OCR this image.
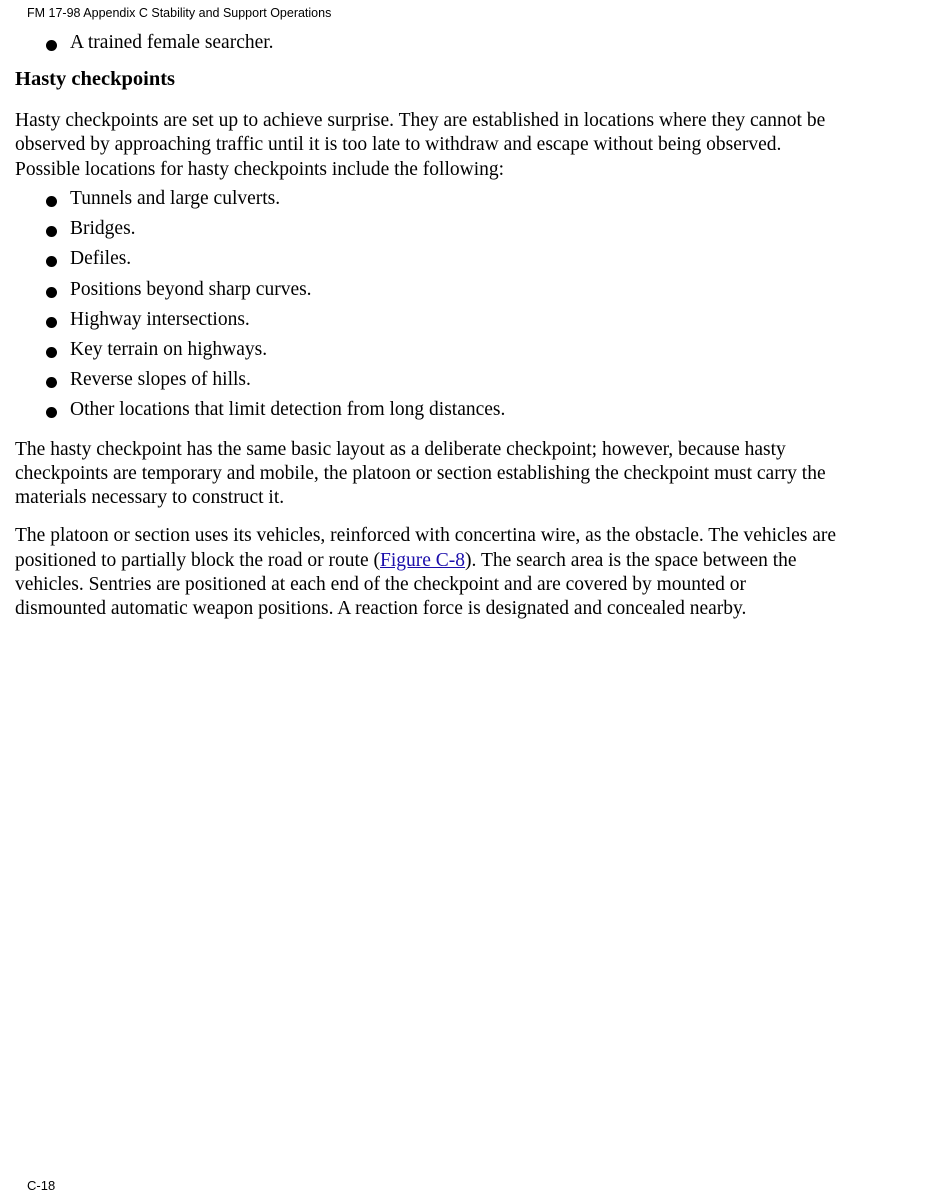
FM 17-98 Appendix C Stability and Support Operations
A trained female searcher.
Hasty checkpoints

Hasty checkpoints are set up to achieve surprise. They are established in locations where they cannot be
observed by approaching traffic until it is too late to withdraw and escape without being observed.
Possible locations for hasty checkpoints include the following:

Tunnels and large culverts.
Bridges.
Defiles.
Positions beyond sharp curves.
Highway intersections.
Key terrain on highways.
Reverse slopes of hills.
Other locations that limit detection from long distances.

The hasty checkpoint has the same basic layout as a deliberate checkpoint; however, because hasty
checkpoints are temporary and mobile, the platoon or section establishing the checkpoint must carry the
materials necessary to construct it.

The platoon or section uses its vehicles, reinforced with concertina wire, as the obstacle. The vehicles are
positioned to partially block the road or route (Figure C-8). The search area is the space between the
vehicles. Sentries are positioned at each end of the checkpoint and are covered by mounted or
dismounted automatic weapon positions. A reaction force is designated and concealed nearby.

C-18
